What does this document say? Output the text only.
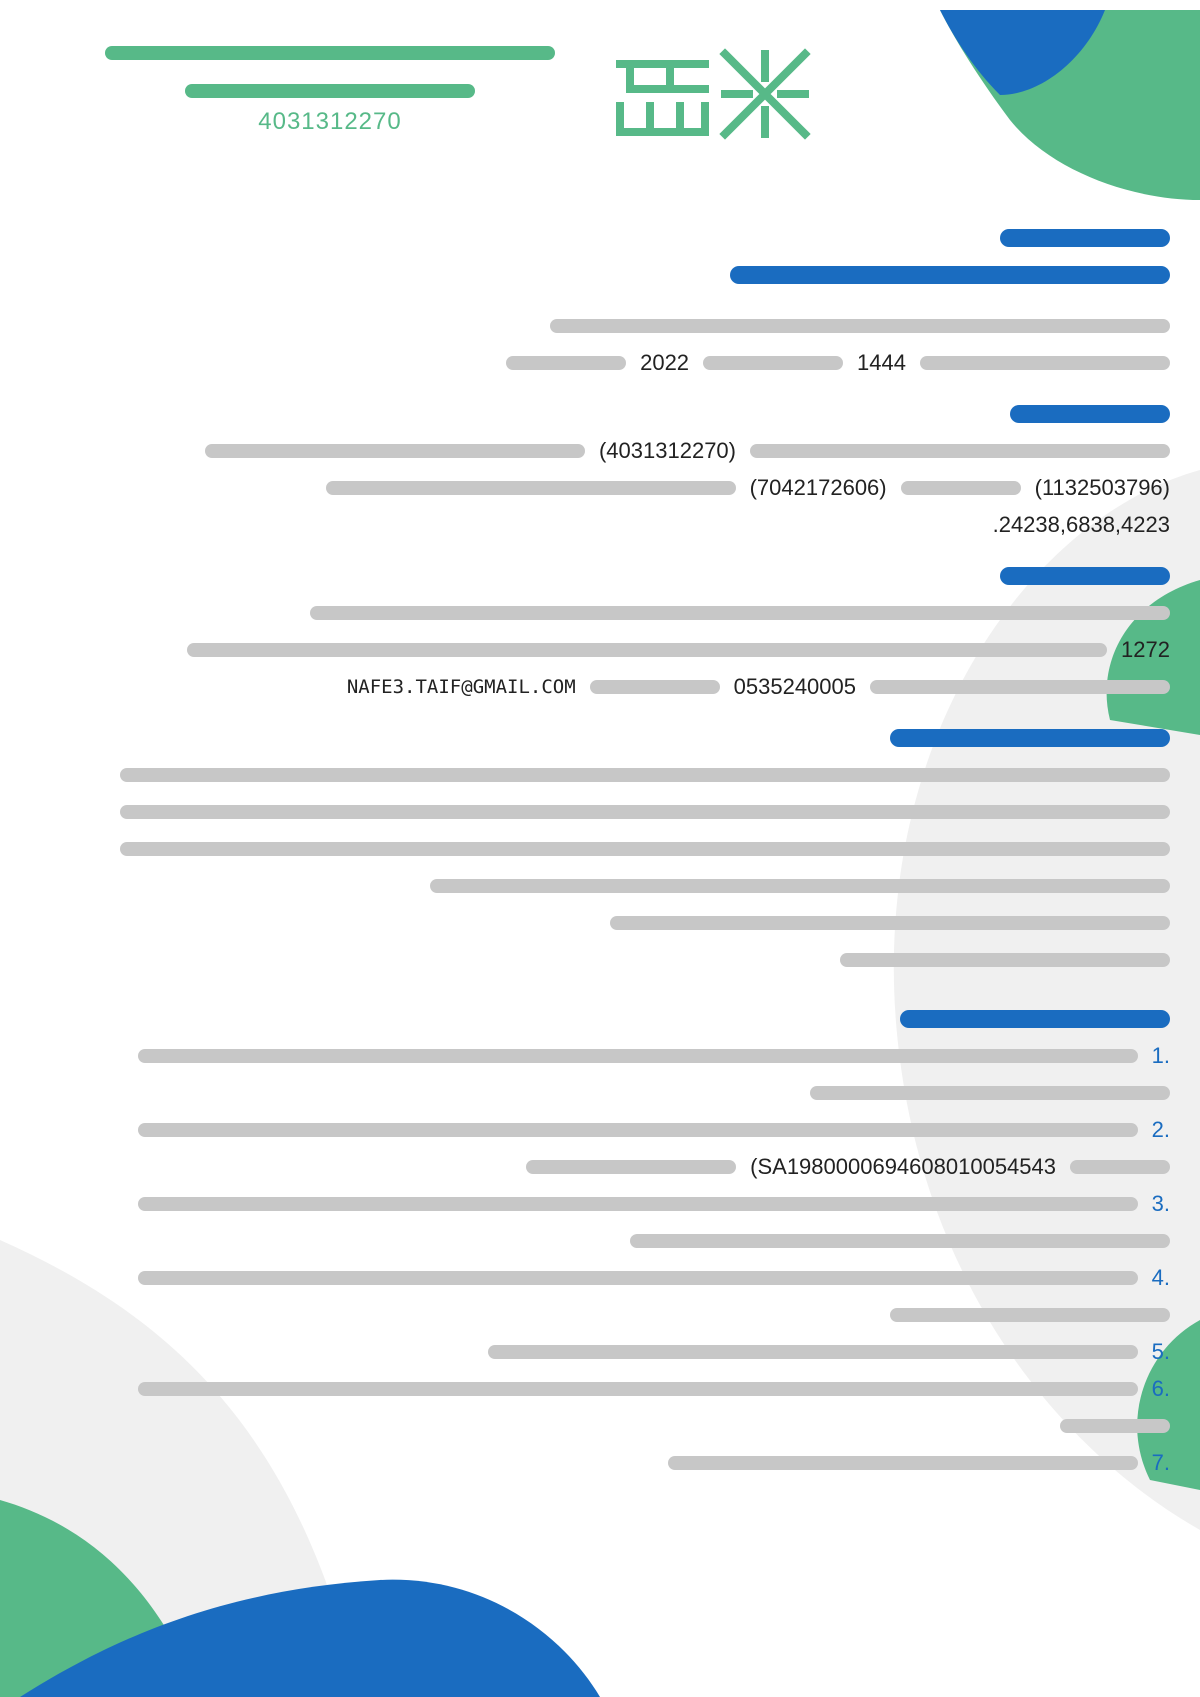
4031312270
2022	1444
(4031312270)
(7042172606)	(1132503796)
.24238,6838,4223
1272
NAFE3.TAIF@GMAIL.COM	0535240005
1.
2.
(SA1980000694608010054543
3.
4.
5.
6.
7.
